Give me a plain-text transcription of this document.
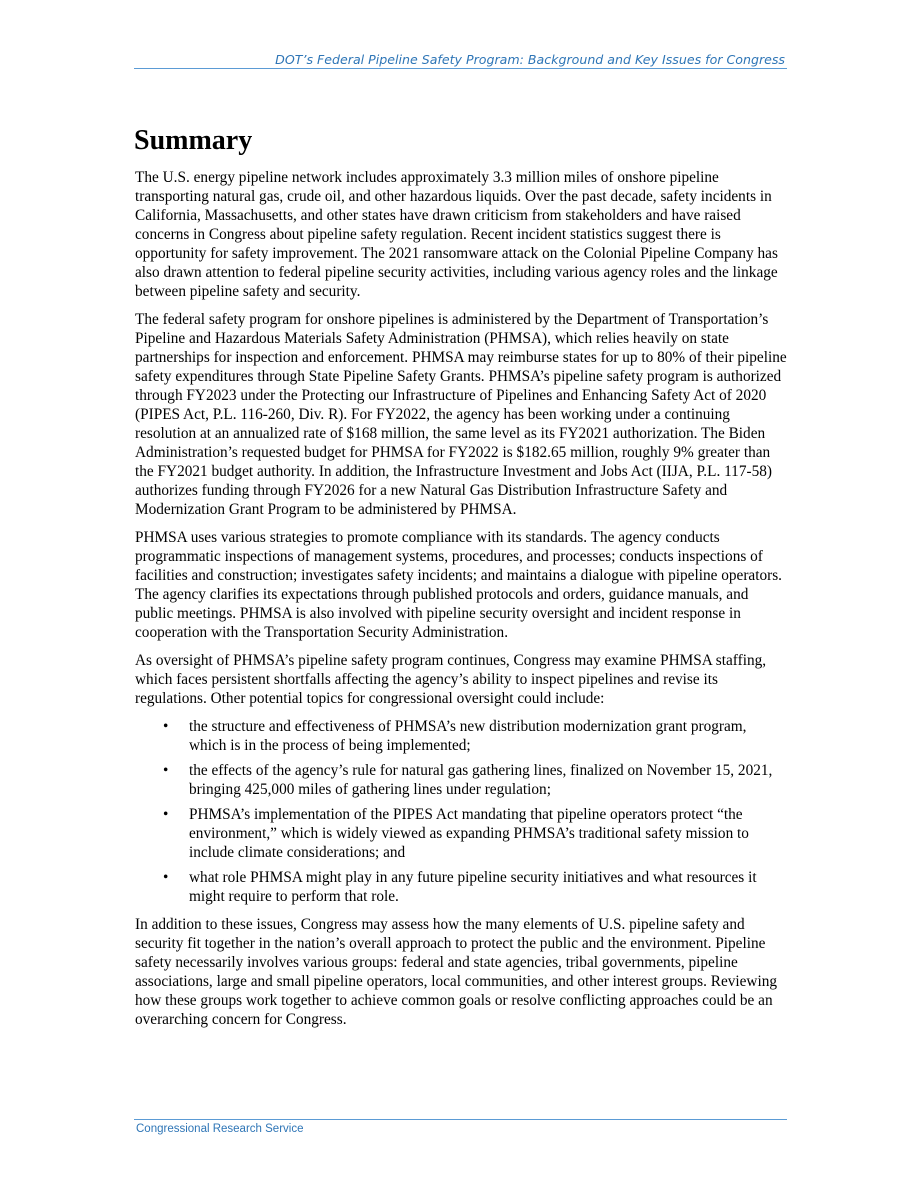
DOT’s Federal Pipeline Safety Program: Background and Key Issues for Congress
Summary

The U.S. energy pipeline network includes approximately 3.3 million miles of onshore pipeline transporting natural gas, crude oil, and other hazardous liquids. Over the past decade, safety incidents in California, Massachusetts, and other states have drawn criticism from stakeholders and have raised concerns in Congress about pipeline safety regulation. Recent incident statistics suggest there is opportunity for safety improvement. The 2021 ransomware attack on the Colonial Pipeline Company has also drawn attention to federal pipeline security activities, including various agency roles and the linkage between pipeline safety and security.

The federal safety program for onshore pipelines is administered by the Department of Transportation’s Pipeline and Hazardous Materials Safety Administration (PHMSA), which relies heavily on state partnerships for inspection and enforcement. PHMSA may reimburse states for up to 80% of their pipeline safety expenditures through State Pipeline Safety Grants. PHMSA’s pipeline safety program is authorized through FY2023 under the Protecting our Infrastructure of Pipelines and Enhancing Safety Act of 2020 (PIPES Act, P.L. 116-260, Div. R). For FY2022, the agency has been working under a continuing resolution at an annualized rate of $168 million, the same level as its FY2021 authorization. The Biden Administration’s requested budget for PHMSA for FY2022 is $182.65 million, roughly 9% greater than the FY2021 budget authority. In addition, the Infrastructure Investment and Jobs Act (IIJA, P.L. 117-58) authorizes funding through FY2026 for a new Natural Gas Distribution Infrastructure Safety and Modernization Grant Program to be administered by PHMSA.

PHMSA uses various strategies to promote compliance with its standards. The agency conducts programmatic inspections of management systems, procedures, and processes; conducts inspections of facilities and construction; investigates safety incidents; and maintains a dialogue with pipeline operators. The agency clarifies its expectations through published protocols and orders, guidance manuals, and public meetings. PHMSA is also involved with pipeline security oversight and incident response in cooperation with the Transportation Security Administration.

As oversight of PHMSA’s pipeline safety program continues, Congress may examine PHMSA staffing, which faces persistent shortfalls affecting the agency’s ability to inspect pipelines and revise its regulations. Other potential topics for congressional oversight could include:

• the structure and effectiveness of PHMSA’s new distribution modernization grant program, which is in the process of being implemented;
• the effects of the agency’s rule for natural gas gathering lines, finalized on November 15, 2021, bringing 425,000 miles of gathering lines under regulation;
• PHMSA’s implementation of the PIPES Act mandating that pipeline operators protect “the environment,” which is widely viewed as expanding PHMSA’s traditional safety mission to include climate considerations; and
• what role PHMSA might play in any future pipeline security initiatives and what resources it might require to perform that role.

In addition to these issues, Congress may assess how the many elements of U.S. pipeline safety and security fit together in the nation’s overall approach to protect the public and the environment. Pipeline safety necessarily involves various groups: federal and state agencies, tribal governments, pipeline associations, large and small pipeline operators, local communities, and other interest groups. Reviewing how these groups work together to achieve common goals or resolve conflicting approaches could be an overarching concern for Congress.

Congressional Research Service
